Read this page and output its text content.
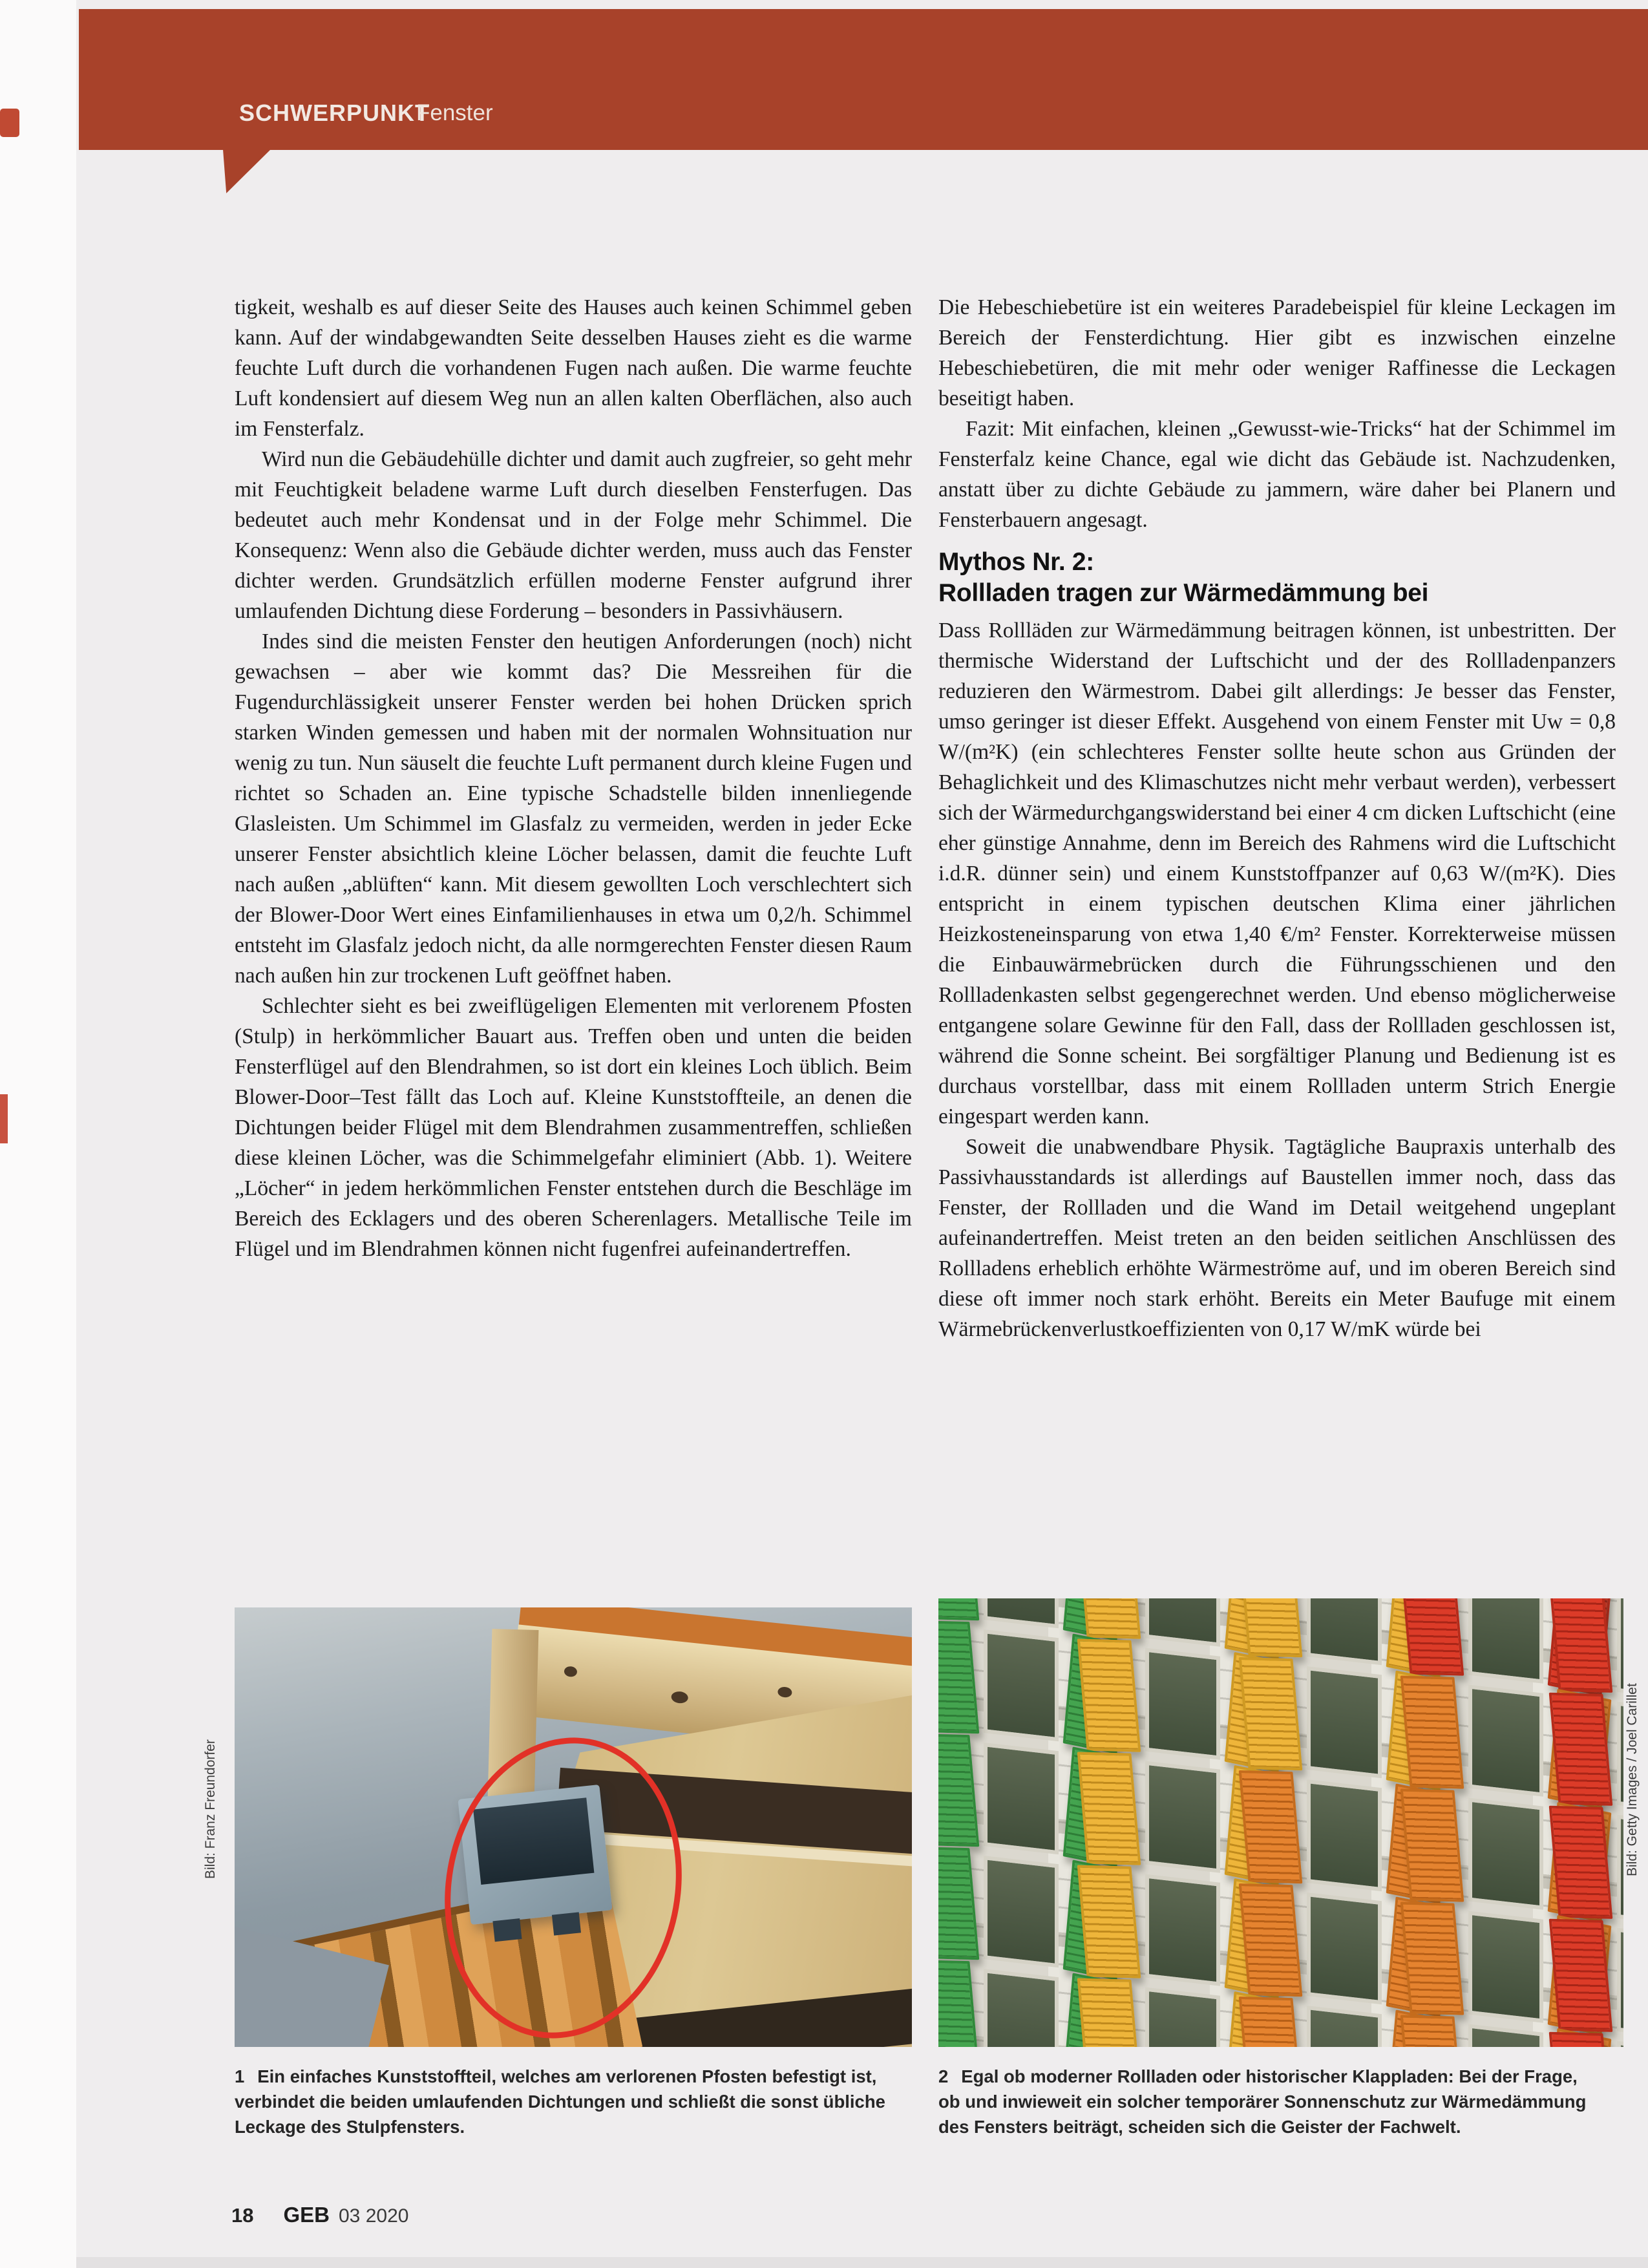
SCHWERPUNKT
Fenster

tigkeit, weshalb es auf dieser Seite des Hauses auch keinen Schimmel geben kann. Auf der windabgewandten Seite desselben Hauses zieht es die warme feuchte Luft durch die vorhandenen Fugen nach außen. Die warme feuchte Luft kondensiert auf diesem Weg nun an allen kalten Oberflächen, also auch im Fensterfalz.

Wird nun die Gebäudehülle dichter und damit auch zugfreier, so geht mehr mit Feuchtigkeit beladene warme Luft durch dieselben Fensterfugen. Das bedeutet auch mehr Kondensat und in der Folge mehr Schimmel. Die Konsequenz: Wenn also die Gebäude dichter werden, muss auch das Fenster dichter werden. Grundsätzlich erfüllen moderne Fenster aufgrund ihrer umlaufenden Dichtung diese Forderung – besonders in Passivhäusern.

Indes sind die meisten Fenster den heutigen Anforderungen (noch) nicht gewachsen – aber wie kommt das? Die Messreihen für die Fugendurchlässigkeit unserer Fenster werden bei hohen Drücken sprich starken Winden gemessen und haben mit der normalen Wohnsituation nur wenig zu tun. Nun säuselt die feuchte Luft permanent durch kleine Fugen und richtet so Schaden an. Eine typische Schadstelle bilden innenliegende Glasleisten. Um Schimmel im Glasfalz zu vermeiden, werden in jeder Ecke unserer Fenster absichtlich kleine Löcher belassen, damit die feuchte Luft nach außen „ablüften“ kann. Mit diesem gewollten Loch verschlechtert sich der Blower-Door Wert eines Einfamilienhauses in etwa um 0,2/h. Schimmel entsteht im Glasfalz jedoch nicht, da alle normgerechten Fenster diesen Raum nach außen hin zur trockenen Luft geöffnet haben.

Schlechter sieht es bei zweiflügeligen Elementen mit verlorenem Pfosten (Stulp) in herkömmlicher Bauart aus. Treffen oben und unten die beiden Fensterflügel auf den Blendrahmen, so ist dort ein kleines Loch üblich. Beim Blower-Door–Test fällt das Loch auf. Kleine Kunststoffteile, an denen die Dichtungen beider Flügel mit dem Blendrahmen zusammentreffen, schließen diese kleinen Löcher, was die Schimmelgefahr eliminiert (Abb. 1). Weitere „Löcher“ in jedem herkömmlichen Fenster entstehen durch die Beschläge im Bereich des Ecklagers und des oberen Scherenlagers. Metallische Teile im Flügel und im Blendrahmen können nicht fugenfrei aufeinandertreffen.

Die Hebeschiebetüre ist ein weiteres Paradebeispiel für kleine Leckagen im Bereich der Fensterdichtung. Hier gibt es inzwischen einzelne Hebeschiebetüren, die mit mehr oder weniger Raffinesse die Leckagen beseitigt haben.

Fazit: Mit einfachen, kleinen „Gewusst-wie-Tricks“ hat der Schimmel im Fensterfalz keine Chance, egal wie dicht das Gebäude ist. Nachzudenken, anstatt über zu dichte Gebäude zu jammern, wäre daher bei Planern und Fensterbauern angesagt.

Mythos Nr. 2:
Rollladen tragen zur Wärmedämmung bei

Dass Rollläden zur Wärmedämmung beitragen können, ist unbestritten. Der thermische Widerstand der Luftschicht und der des Rollladenpanzers reduzieren den Wärmestrom. Dabei gilt allerdings: Je besser das Fenster, umso geringer ist dieser Effekt. Ausgehend von einem Fenster mit Uᴡ = 0,8 W/(m²K) (ein schlechteres Fenster sollte heute schon aus Gründen der Behaglichkeit und des Klimaschutzes nicht mehr verbaut werden), verbessert sich der Wärmedurchgangswiderstand bei einer 4 cm dicken Luftschicht (eine eher günstige Annahme, denn im Bereich des Rahmens wird die Luftschicht i.d.R. dünner sein) und einem Kunststoffpanzer auf 0,63 W/(m²K). Dies entspricht in einem typischen deutschen Klima einer jährlichen Heizkosteneinsparung von etwa 1,40 €/m² Fenster. Korrekterweise müssen die Einbauwärmebrücken durch die Führungsschienen und den Rollladenkasten selbst gegengerechnet werden. Und ebenso möglicherweise entgangene solare Gewinne für den Fall, dass der Rollladen geschlossen ist, während die Sonne scheint. Bei sorgfältiger Planung und Bedienung ist es durchaus vorstellbar, dass mit einem Rollladen unterm Strich Energie eingespart werden kann.

Soweit die unabwendbare Physik. Tagtägliche Baupraxis unterhalb des Passivhausstandards ist allerdings auf Baustellen immer noch, dass das Fenster, der Rollladen und die Wand im Detail weitgehend ungeplant aufeinandertreffen. Meist treten an den beiden seitlichen Anschlüssen des Rollladens erheblich erhöhte Wärmeströme auf, und im oberen Bereich sind diese oft immer noch stark erhöht. Bereits ein Meter Baufuge mit einem Wärmebrückenverlustkoeffizienten von 0,17 W/mK würde bei

Bild: Franz Freundorfer
1 Ein einfaches Kunststoffteil, welches am verlorenen Pfosten befestigt ist, verbindet die beiden umlaufenden Dichtungen und schließt die sonst übliche Leckage des Stulpfensters.
Bild: Getty Images / Joel Carillet
2 Egal ob moderner Rollladen oder historischer Klappladen: Bei der Frage, ob und inwieweit ein solcher temporärer Sonnenschutz zur Wärmedämmung des Fensters beiträgt, scheiden sich die Geister der Fachwelt.
18 GEB 03 2020
